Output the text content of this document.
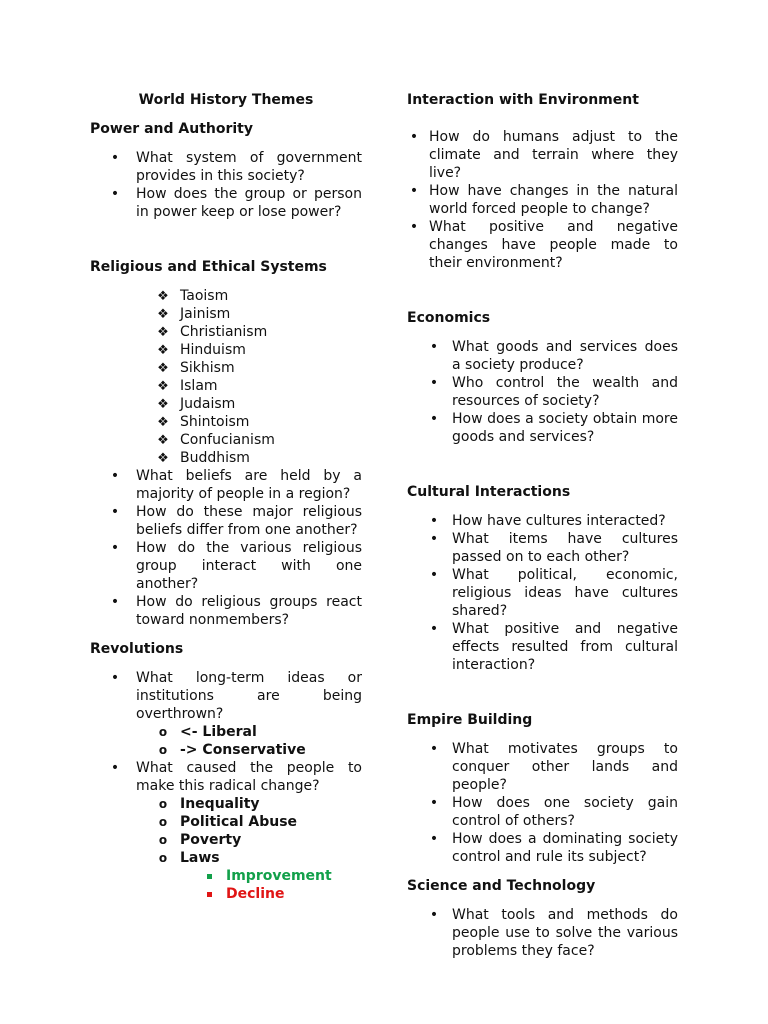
World History Themes
Power and Authority
•
What system of government provides in this society?
•
How does the group or person in power keep or lose power?
Religious and Ethical Systems
❖
Taoism
❖
Jainism
❖
Christianism
❖
Hinduism
❖
Sikhism
❖
Islam
❖
Judaism
❖
Shintoism
❖
Confucianism
❖
Buddhism
•
What beliefs are held by a majority of people in a region?
•
How do these major religious beliefs differ from one another?
•
How do the various religious group interact with one another?
•
How do religious groups react toward nonmembers?
Revolutions
•
What long-term ideas or institutions are being overthrown?
o
<- Liberal
o
-> Conservative
•
What caused the people to make this radical change?
o
Inequality
o
Political Abuse
o
Poverty
o
Laws
Improvement
Decline
Interaction with Environment
•
How do humans adjust to the climate and terrain where they live?
•
How have changes in the natural world forced people to change?
•
What positive and negative changes have people made to their environment?
Economics
•
What goods and services does a society produce?
•
Who control the wealth and resources of society?
•
How does a society obtain more goods and services?
Cultural Interactions
•
How have cultures interacted?
•
What items have cultures passed on to each other?
•
What political, economic, religious ideas have cultures shared?
•
What positive and negative effects resulted from cultural interaction?
Empire Building
•
What motivates groups to conquer other lands and people?
•
How does one society gain control of others?
•
How does a dominating society control and rule its subject?
Science and Technology
•
What tools and methods do people use to solve the various problems they face?
